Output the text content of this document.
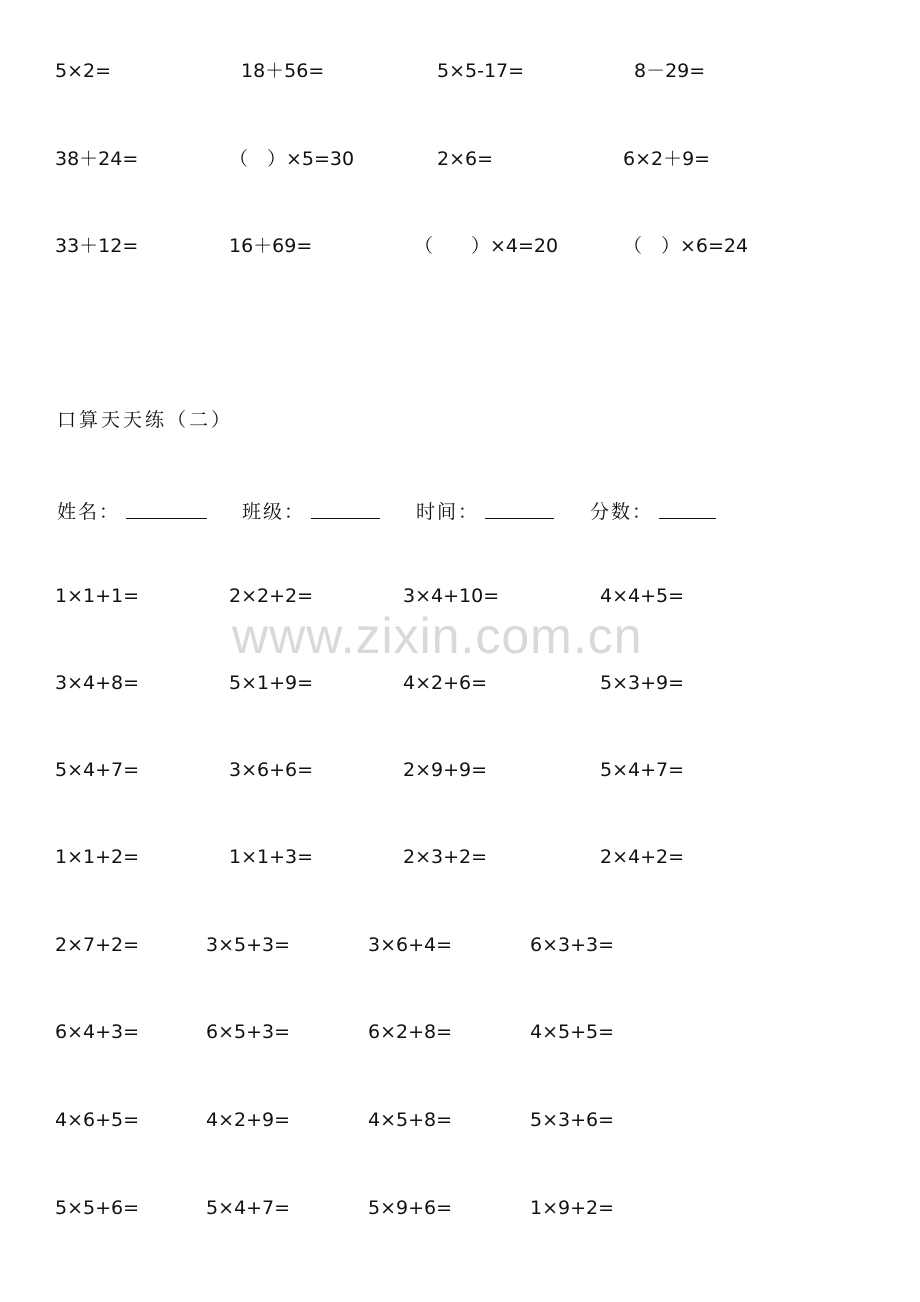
www.zixin.com.cn
5×2=	18＋56=	5×5-17=	8－29=
38＋24=	（　）×5=30	2×6=	6×2＋9=
33＋12=	16＋69=	（　　）×4=20	（　）×6=24
口算天天练（二）
姓名：	班级：	时间：	分数：
1×1+1=	2×2+2=	3×4+10=	4×4+5=
3×4+8=	5×1+9=	4×2+6=	5×3+9=
5×4+7=	3×6+6=	2×9+9=	5×4+7=
1×1+2=	1×1+3=	2×3+2=	2×4+2=
2×7+2=	3×5+3=	3×6+4=	6×3+3=
6×4+3=	6×5+3=	6×2+8=	4×5+5=
4×6+5=	4×2+9=	4×5+8=	5×3+6=
5×5+6=	5×4+7=	5×9+6=	1×9+2=
